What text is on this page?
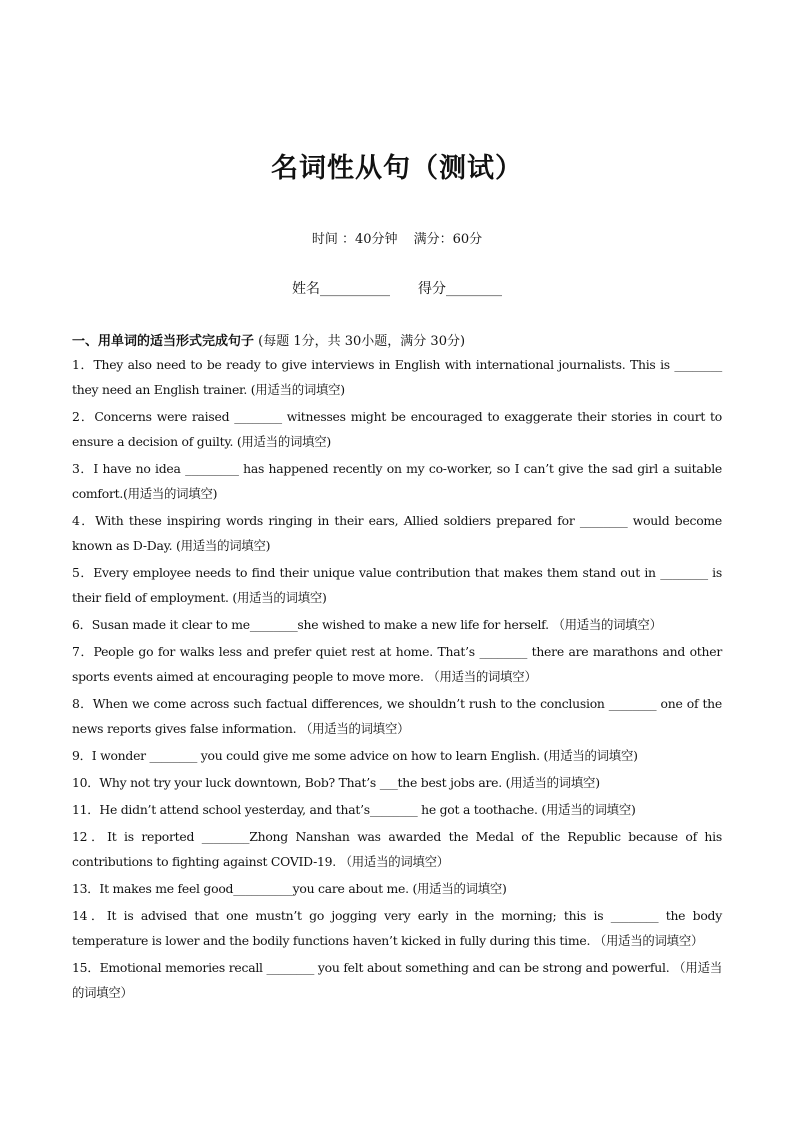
名词性从句（测试）
时间 ：40分钟 满分：60分
姓名__________ 得分________
一、用单词的适当形式完成句子 (每题 1分，共 30小题，满分 30分)

1．They also need to be ready to give interviews in English with international journalists. This is ________ they need an English trainer. (用适当的词填空)

2．Concerns were raised ________ witnesses might be encouraged to exaggerate their stories in court to ensure a decision of guilty. (用适当的词填空)

3．I have no idea _________ has happened recently on my co-worker, so I can’t give the sad girl a suitable comfort.(用适当的词填空)

4．With these inspiring words ringing in their ears, Allied soldiers prepared for ________ would become known as D-Day. (用适当的词填空)

5．Every employee needs to find their unique value contribution that makes them stand out in ________ is their field of employment. (用适当的词填空)

6．Susan made it clear to me________she wished to make a new life for herself. （用适当的词填空）

7．People go for walks less and prefer quiet rest at home. That’s ________ there are marathons and other sports events aimed at encouraging people to move more. （用适当的词填空）

8．When we come across such factual differences, we shouldn’t rush to the conclusion ________ one of the news reports gives false information. （用适当的词填空）

9．I wonder ________ you could give me some advice on how to learn English. (用适当的词填空)

10．Why not try your luck downtown, Bob? That’s ___the best jobs are. (用适当的词填空)

11．He didn’t attend school yesterday, and that’s________ he got a toothache. (用适当的词填空)

12．It is reported ________Zhong Nanshan was awarded the Medal of the Republic because of his contributions to fighting against COVID-19. （用适当的词填空）

13．It makes me feel good__________you care about me. (用适当的词填空)

14．It is advised that one mustn’t go jogging very early in the morning; this is ________ the body temperature is lower and the bodily functions haven’t kicked in fully during this time. （用适当的词填空）

15．Emotional memories recall ________ you felt about something and can be strong and powerful. （用适当的词填空）
